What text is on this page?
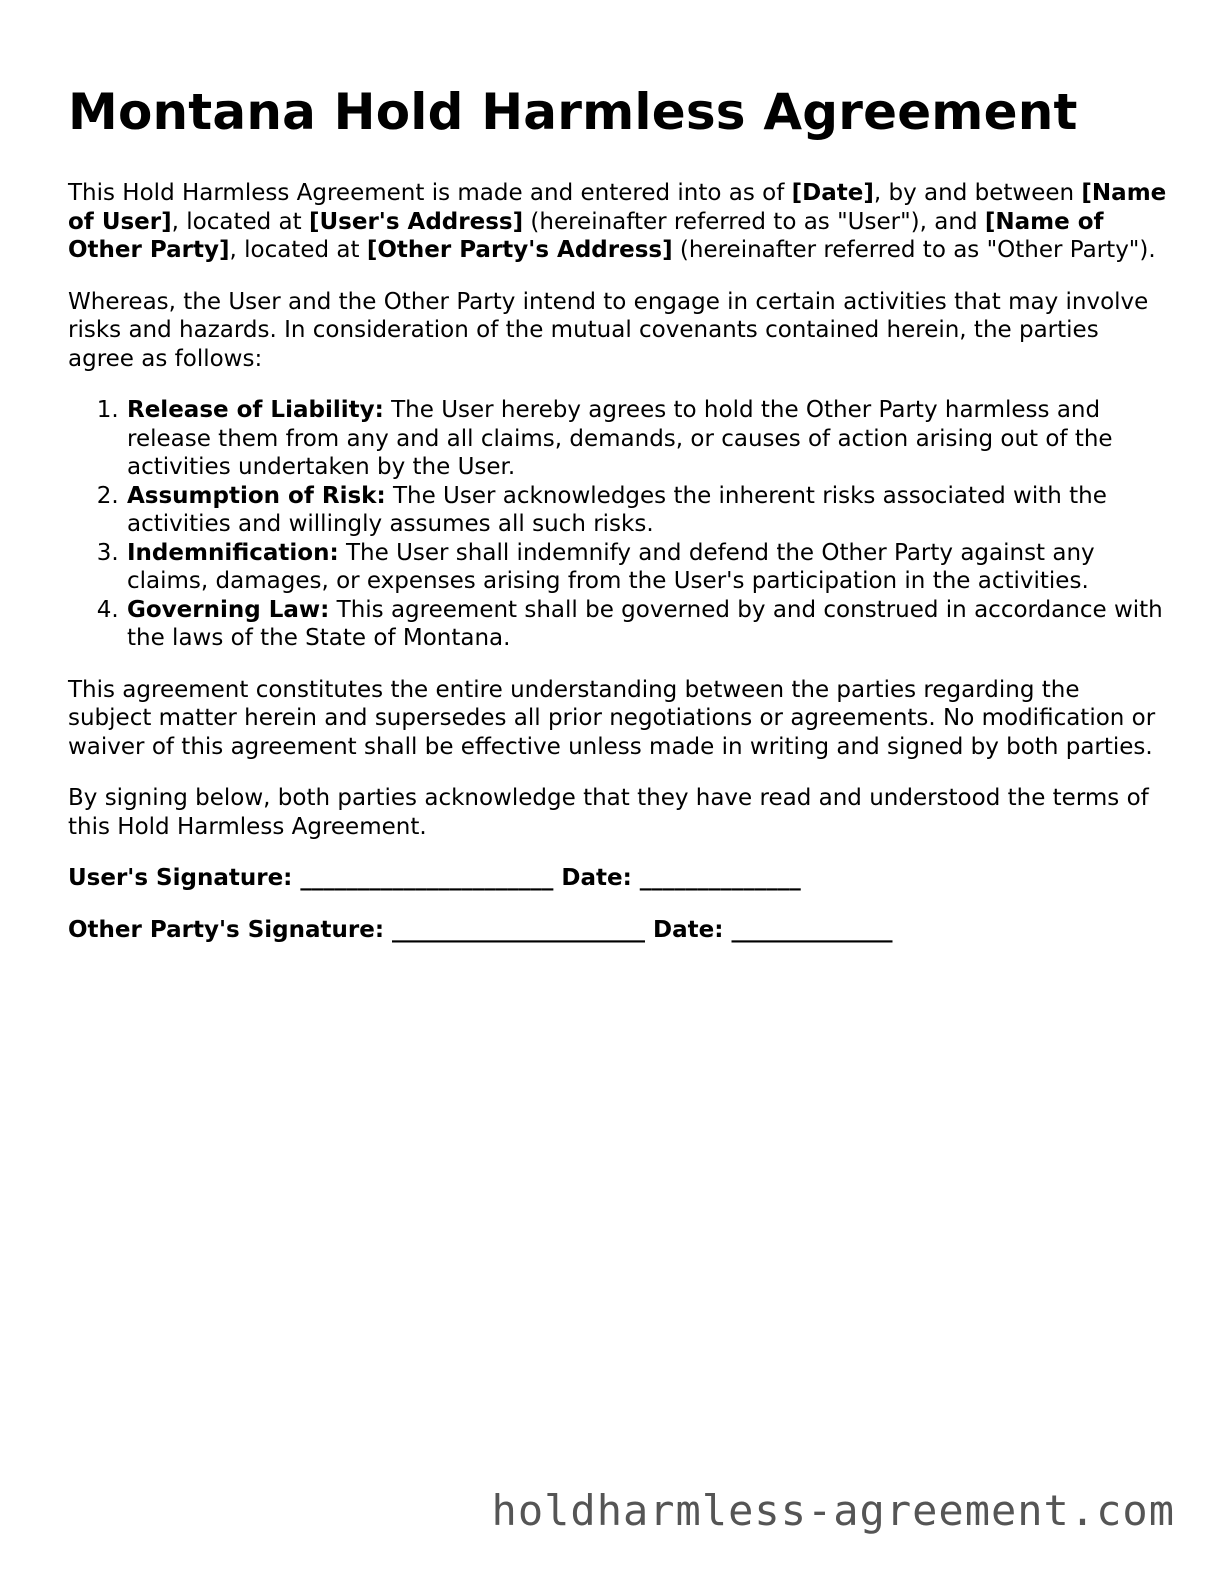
Montana Hold Harmless Agreement

This Hold Harmless Agreement is made and entered into as of [Date], by and between [Name of User], located at [User's Address] (hereinafter referred to as "User"), and [Name of Other Party], located at [Other Party's Address] (hereinafter referred to as "Other Party").

Whereas, the User and the Other Party intend to engage in certain activities that may involve risks and hazards. In consideration of the mutual covenants contained herein, the parties agree as follows:

1. Release of Liability: The User hereby agrees to hold the Other Party harmless and release them from any and all claims, demands, or causes of action arising out of the activities undertaken by the User.
2. Assumption of Risk: The User acknowledges the inherent risks associated with the activities and willingly assumes all such risks.
3. Indemnification: The User shall indemnify and defend the Other Party against any claims, damages, or expenses arising from the User's participation in the activities.
4. Governing Law: This agreement shall be governed by and construed in accordance with the laws of the State of Montana.

This agreement constitutes the entire understanding between the parties regarding the subject matter herein and supersedes all prior negotiations or agreements. No modification or waiver of this agreement shall be effective unless made in writing and signed by both parties.

By signing below, both parties acknowledge that they have read and understood the terms of this Hold Harmless Agreement.

User's Signature: ______________________ Date: ______________
Other Party's Signature: ______________________ Date: ______________
holdharmless-agreement.com
